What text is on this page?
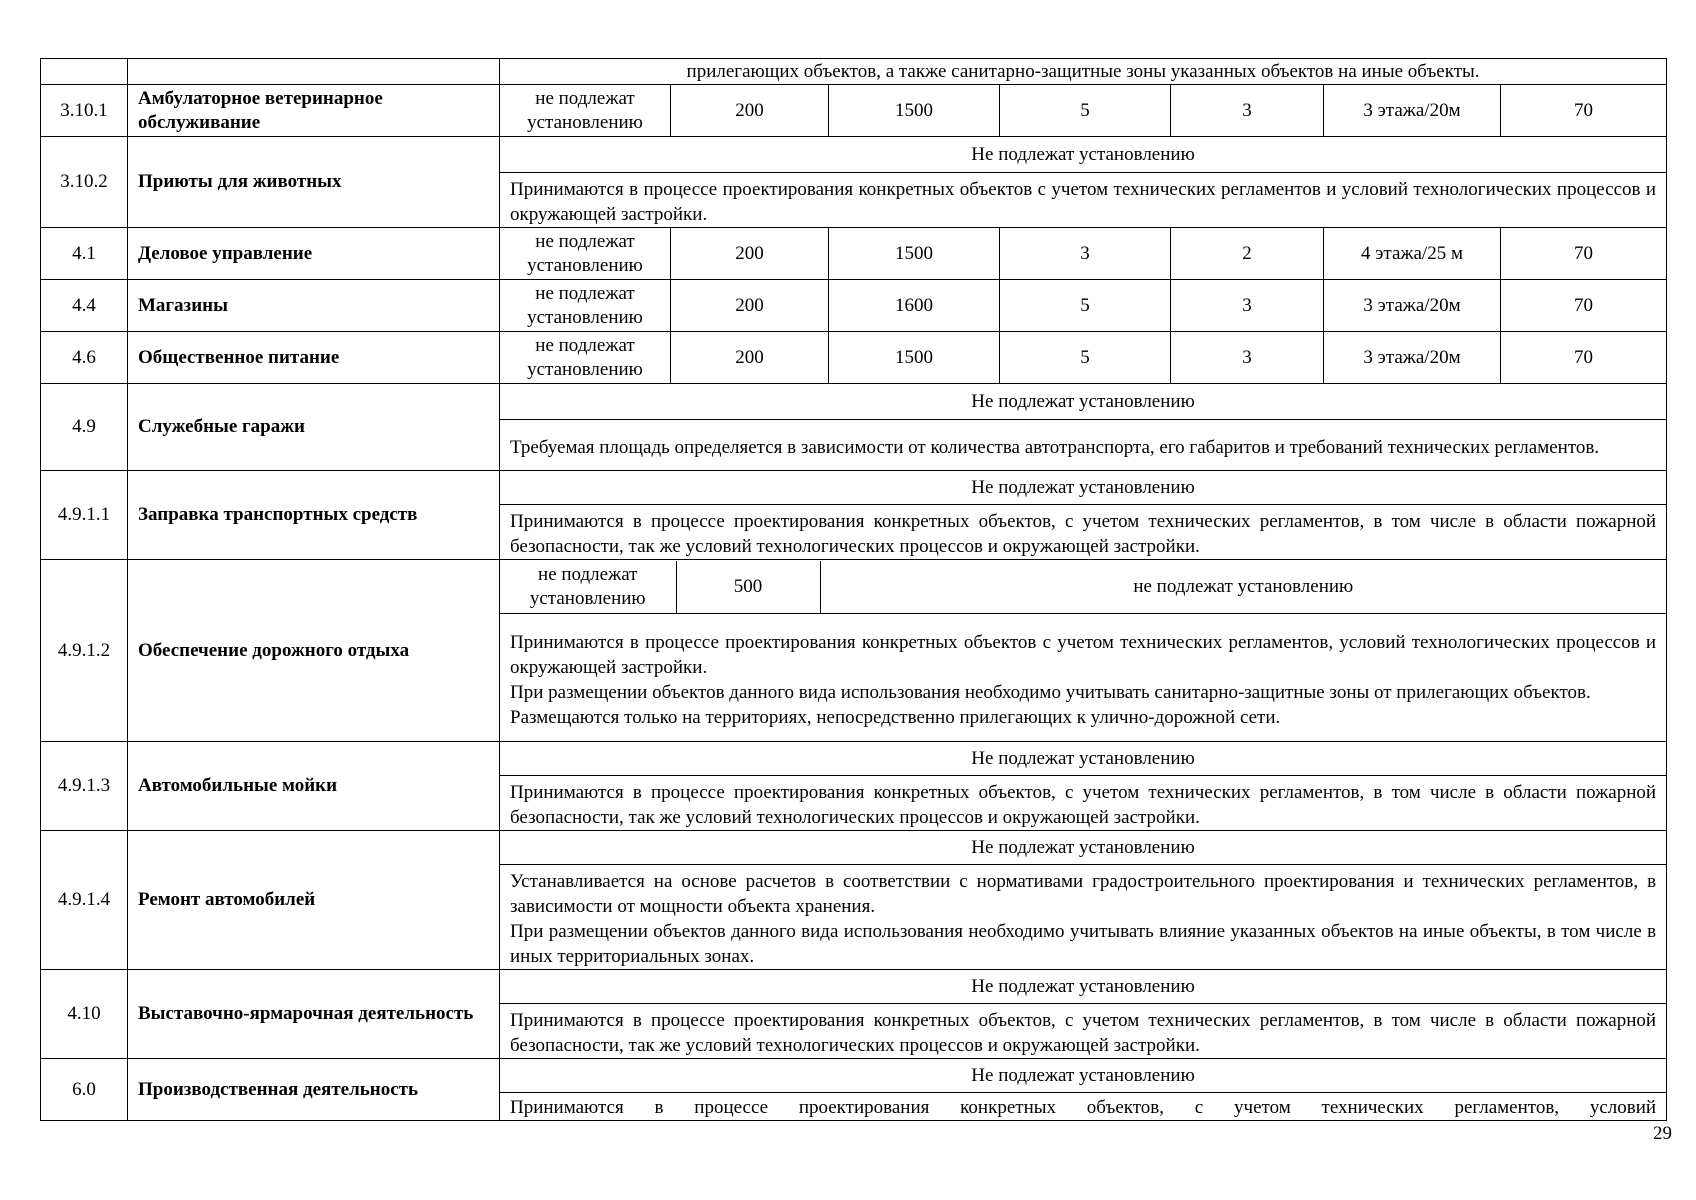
		прилегающих объектов, а также санитарно-защитные зоны указанных объектов на иные объекты.
3.10.1	Амбулаторное ветеринарное обслуживание	не подлежат установлению	200	1500	5	3	3 этажа/20м	70
3.10.2	Приюты для животных	Не подлежат установлению
Принимаются в процессе проектирования конкретных объектов с учетом технических регламентов и условий технологических процессов и окружающей застройки.
4.1	Деловое управление	не подлежат установлению	200	1500	3	2	4 этажа/25 м	70
4.4	Магазины	не подлежат установлению	200	1600	5	3	3 этажа/20м	70
4.6	Общественное питание	не подлежат установлению	200	1500	5	3	3 этажа/20м	70
4.9	Служебные гаражи	Не подлежат установлению
Требуемая площадь определяется в зависимости от количества автотранспорта, его габаритов и требований технических регламентов.
4.9.1.1	Заправка транспортных средств	Не подлежат установлению
Принимаются в процессе проектирования конкретных объектов, с учетом технических регламентов, в том числе в области пожарной безопасности, так же условий технологических процессов и окружающей застройки.
4.9.1.2	Обеспечение дорожного отдыха	
не подлежат установлению	500	не подлежат установлению

Принимаются в процессе проектирования конкретных объектов с учетом технических регламентов, условий технологических процессов и окружающей застройки.
При размещении объектов данного вида использования необходимо учитывать санитарно-защитные зоны от прилегающих объектов.
Размещаются только на территориях, непосредственно прилегающих к улично-дорожной сети.

4.9.1.3	Автомобильные мойки	Не подлежат установлению
Принимаются в процессе проектирования конкретных объектов, с учетом технических регламентов, в том числе в области пожарной безопасности, так же условий технологических процессов и окружающей застройки.
4.9.1.4	Ремонт автомобилей	Не подлежат установлению

Устанавливается на основе расчетов в соответствии с нормативами градостроительного проектирования и технических регламентов, в зависимости от мощности объекта хранения.
При размещении объектов данного вида использования необходимо учитывать влияние указанных объектов на иные объекты, в том числе в иных территориальных зонах.

4.10	Выставочно-ярмарочная деятельность	Не подлежат установлению
Принимаются в процессе проектирования конкретных объектов, с учетом технических регламентов, в том числе в области пожарной безопасности, так же условий технологических процессов и окружающей застройки.
6.0	Производственная деятельность	Не подлежат установлению
Принимаются в процессе проектирования конкретных объектов, с учетом технических регламентов, условий
29
